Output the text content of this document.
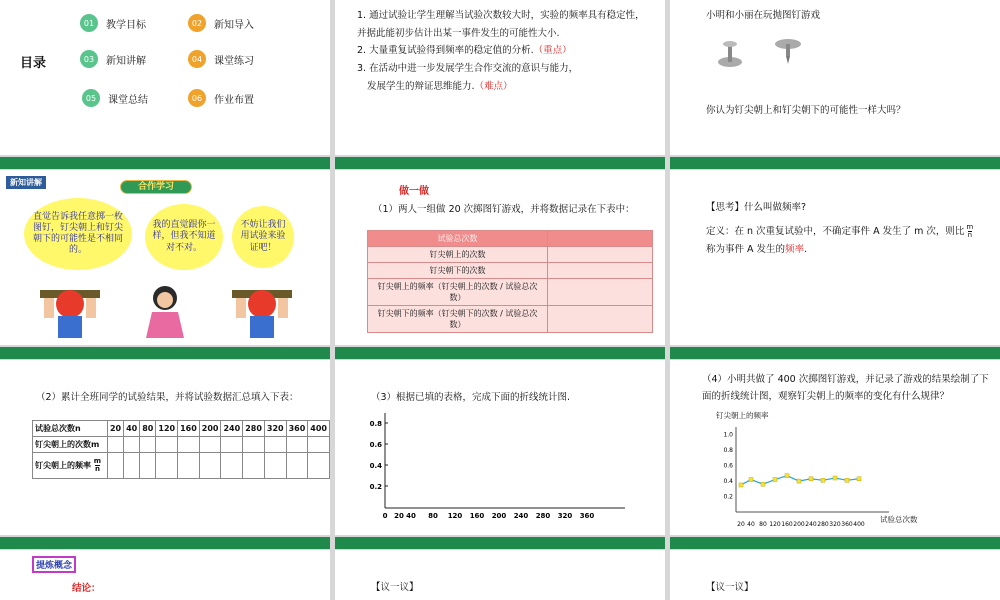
目录
01	教学目标	02	新知导入
03	新知讲解	04	课堂练习
05	课堂总结	06	作业布置
1. 通过试验让学生理解当试验次数较大时，实验的频率具有稳定性，
并据此能初步估计出某一事件发生的可能性大小.
2. 大量重复试验得到频率的稳定值的分析.（重点）
3. 在活动中进一步发展学生合作交流的意识与能力，
发展学生的辩证思维能力.（难点）
小明和小丽在玩抛图钉游戏
你认为钉尖朝上和钉尖朝下的可能性一样大吗？
新知讲解	合作学习
直觉告诉我任意掷一枚图钉，钉尖朝上和钉尖朝下的可能性是不相同的。
我的直觉跟你一样，但我不知道对不对。
不妨让我们用试验来验证吧！
做一做
（1）两人一组做 20 次掷图钉游戏，并将数据记录在下表中：
试验总次数	
钉尖朝上的次数	
钉尖朝下的次数	
钉尖朝上的频率（钉尖朝上的次数 / 试验总次数）	
钉尖朝下的频率（钉尖朝下的次数 / 试验总次数）	
【思考】什么叫做频率?
定义：在 n 次重复试验中，不确定事件 A 发生了 m 次，则比 $\frac{m}{n}$
称为事件 A 发生的频率.
（2）累计全班同学的试验结果，并将试验数据汇总填入下表：
试验总次数n	20	40	80	120	160	200	240	280	320	360	400
钉尖朝上的次数m											
钉尖朝上的频率 $\frac{m}{n}$

（3）根据已填的表格，完成下面的折线统计图.
0.8
0.6
0.4
0.2
0 20 40 80 120 160 200 240 280 320 360
（4）小明共做了 400 次掷图钉游戏，并记录了游戏的结果绘制了下
面的折线统计图，观察钉尖朝上的频率的变化有什么规律？
钉尖朝上的频率
1.0
0.8
0.6
0.4
0.2
20 40 80 120 160 200 240 280 320 360 400
试验总次数
提炼概念
结论：	【议一议】	【议一议】
